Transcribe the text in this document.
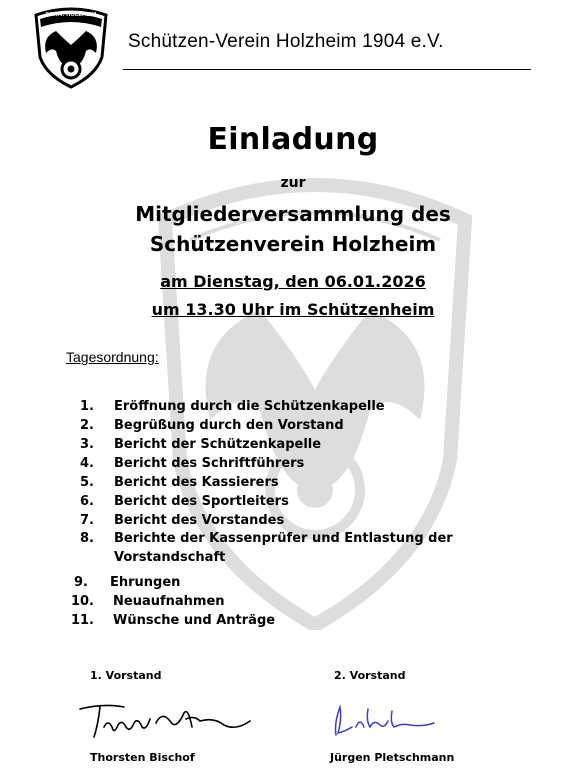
SCH.V. HOLZHEIM
Schützen-Verein Holzheim 1904 e.V.
Einladung
zur
Mitgliederversammlung des
Schützenverein Holzheim
am Dienstag, den 06.01.2026
um 13.30 Uhr im Schützenheim
Tagesordnung:
1. Eröffnung durch die Schützenkapelle
2. Begrüßung durch den Vorstand
3. Bericht der Schützenkapelle
4. Bericht des Schriftführers
5. Bericht des Kassierers
6. Bericht des Sportleiters
7. Bericht des Vorstandes
8. Berichte der Kassenprüfer und Entlastung der
Vorstandschaft
9. Ehrungen
10. Neuaufnahmen
11. Wünsche und Anträge
1. Vorstand	2. Vorstand
Thorsten Bischof	Jürgen Pletschmann
